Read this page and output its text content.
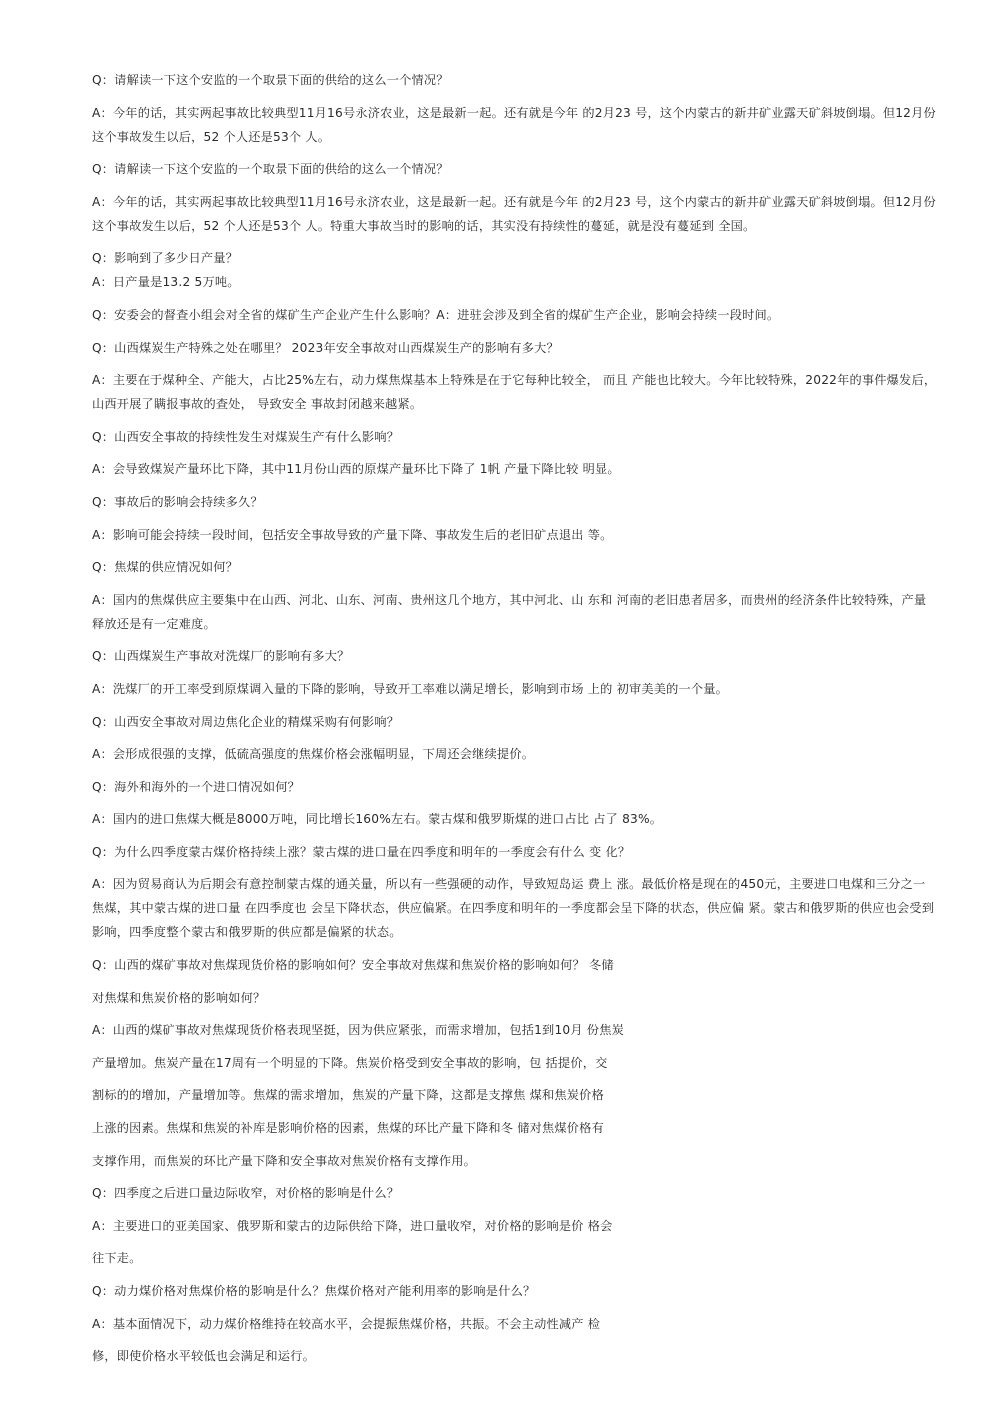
Q：请解读一下这个安监的一个取景下面的供给的这么一个情况？

A：今年的话，其实两起事故比较典型11月16号永济农业，这是最新一起。还有就是今年 的2月23 号，这个内蒙古的新井矿业露天矿斜坡倒塌。但12月份这个事故发生以后，52 个人还是53个 人。

Q：请解读一下这个安监的一个取景下面的供给的这么一个情况？

A：今年的话，其实两起事故比较典型11月16号永济农业，这是最新一起。还有就是今年 的2月23 号，这个内蒙古的新井矿业露天矿斜坡倒塌。但12月份这个事故发生以后，52 个人还是53个 人。特重大事故当时的影响的话，其实没有持续性的蔓延，就是没有蔓延到 全国。

Q：影响到了多少日产量？

A：日产量是13.2 5万吨。

Q：安委会的督查小组会对全省的煤矿生产企业产生什么影响？A：进驻会涉及到全省的煤矿生产企业，影响会持续一段时间。

Q：山西煤炭生产特殊之处在哪里？ 2023年安全事故对山西煤炭生产的影响有多大？

A：主要在于煤种全、产能大，占比25%左右，动力煤焦煤基本上特殊是在于它每种比较全， 而且 产能也比较大。今年比较特殊，2022年的事件爆发后，山西开展了瞒报事故的查处， 导致安全 事故封闭越来越紧。

Q：山西安全事故的持续性发生对煤炭生产有什么影响？

A：会导致煤炭产量环比下降，其中11月份山西的原煤产量环比下降了 1帆 产量下降比较 明显。

Q：事故后的影响会持续多久？

A：影响可能会持续一段时间，包括安全事故导致的产量下降、事故发生后的老旧矿点退出 等。

Q：焦煤的供应情况如何？

A：国内的焦煤供应主要集中在山西、河北、山东、河南、贵州这几个地方，其中河北、山 东和 河南的老旧患者居多，而贵州的经济条件比较特殊，产量释放还是有一定难度。

Q：山西煤炭生产事故对洗煤厂的影响有多大？

A：洗煤厂的开工率受到原煤调入量的下降的影响，导致开工率难以满足增长，影响到市场 上的 初审美美的一个量。

Q：山西安全事故对周边焦化企业的精煤采购有何影响？

A：会形成很强的支撑，低硫高强度的焦煤价格会涨幅明显，下周还会继续提价。

Q：海外和海外的一个进口情况如何？

A：国内的进口焦煤大概是8000万吨，同比增长160%左右。蒙古煤和俄罗斯煤的进口占比 占了 83%。

Q：为什么四季度蒙古煤价格持续上涨？蒙古煤的进口量在四季度和明年的一季度会有什么 变 化？

A：因为贸易商认为后期会有意控制蒙古煤的通关量，所以有一些强硬的动作，导致短岛运 费上 涨。最低价格是现在的450元，主要进口电煤和三分之一焦煤，其中蒙古煤的进口量 在四季度也 会呈下降状态，供应偏紧。在四季度和明年的一季度都会呈下降的状态，供应偏 紧。蒙古和俄罗斯的供应也会受到影响，四季度整个蒙古和俄罗斯的供应都是偏紧的状态。

Q：山西的煤矿事故对焦煤现货价格的影响如何？安全事故对焦煤和焦炭价格的影响如何？ 冬储

对焦煤和焦炭价格的影响如何？

A：山西的煤矿事故对焦煤现货价格表现坚挺，因为供应紧张，而需求增加，包括1到10月 份焦炭

产量增加。焦炭产量在17周有一个明显的下降。焦炭价格受到安全事故的影响，包 括提价，交

割标的的增加，产量增加等。焦煤的需求增加，焦炭的产量下降，这都是支撑焦 煤和焦炭价格

上涨的因素。焦煤和焦炭的补库是影响价格的因素，焦煤的环比产量下降和冬 储对焦煤价格有

支撑作用，而焦炭的环比产量下降和安全事故对焦炭价格有支撑作用。

Q：四季度之后进口量边际收窄，对价格的影响是什么？

A：主要进口的亚美国家、俄罗斯和蒙古的边际供给下降，进口量收窄，对价格的影响是价 格会

往下走。

Q：动力煤价格对焦煤价格的影响是什么？焦煤价格对产能利用率的影响是什么？

A：基本面情况下，动力煤价格维持在较高水平，会提振焦煤价格，共振。不会主动性减产 检

修，即使价格水平较低也会满足和运行。
